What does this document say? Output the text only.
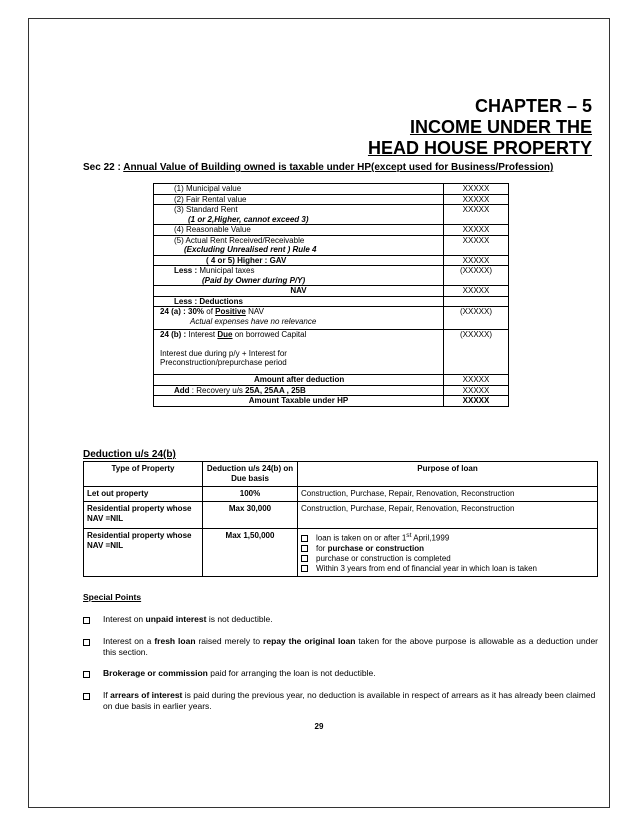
CHAPTER – 5
INCOME UNDER THE
HEAD HOUSE PROPERTY
Sec 22 : Annual Value of Building owned is taxable under HP(except used for Business/Profession)
(1) Municipal value	XXXXX
(2) Fair Rental value	XXXXX

(3) Standard Rent
(1 or 2,Higher, cannot exceed 3)	XXXXX
(4) Reasonable Value	XXXXX

(5) Actual Rent Received/Receivable
(Excluding Unrealised rent ) Rule 4	XXXXX
( 4 or 5) Higher : GAV	XXXXX

Less : Municipal taxes
(Paid by Owner during P/Y)	(XXXXX)
NAV	XXXXX
Less : Deductions	

24 (a) : 30% of Positive NAV
Actual expenses have no relevance	(XXXXX)

24 (b) : Interest Due on borrowed Capital
Interest due during p/y + Interest for
Preconstruction/prepurchase period	(XXXXX)
Amount after deduction	XXXXX
Add : Recovery u/s 25A, 25AA , 25B	XXXXX
Amount Taxable under HP	XXXXX
Deduction u/s 24(b)
Type of Property	Deduction u/s 24(b) on Due basis	Purpose of loan
Let out property	100%	Construction, Purchase, Repair, Renovation, Reconstruction
Residential property whose NAV =NIL	Max 30,000	Construction, Purchase, Repair, Renovation, Reconstruction
Residential property whose NAV =NIL	Max 1,50,000	loan is taken on or after 1st April,1999
for purchase or construction
purchase or construction is completed
Within 3 years from end of financial year in which loan is taken
Special Points
Interest on unpaid interest is not deductible.
Interest on a fresh loan raised merely to repay the original loan taken for the above purpose is allowable as a deduction under this section.
Brokerage or commission paid for arranging the loan is not deductible.
If arrears of interest is paid during the previous year, no deduction is available in respect of arrears as it has already been claimed on due basis in earlier years.
29
